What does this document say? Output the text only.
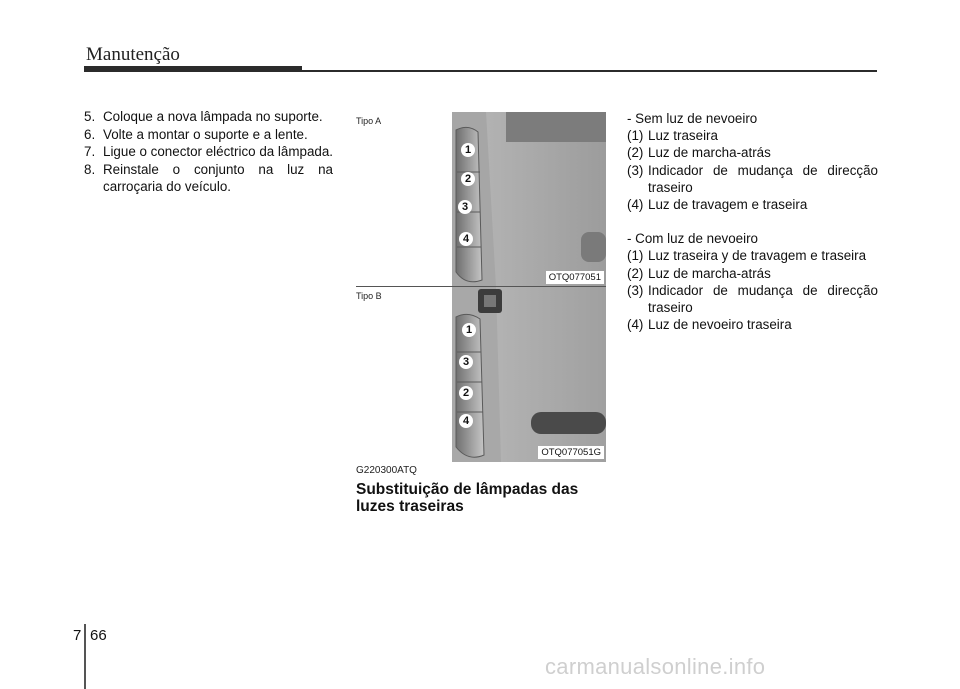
Manutenção
5. Coloque a nova lâmpada no suporte.
6. Volte a montar o suporte e a lente.
7. Ligue o conector eléctrico da lâmpada.
8. Reinstale o conjunto na luz na carroçaria do veículo.
Tipo A
1
2
3
4
OTQ077051
Tipo B
1
3
2
4
OTQ077051G
G220300ATQ
Substituição de lâmpadas das
luzes traseiras
- Sem luz de nevoeiro
(1) Luz traseira
(2) Luz de marcha-atrás
(3) Indicador de mudança de direcção traseiro
(4) Luz de travagem e traseira
- Com luz de nevoeiro
(1) Luz traseira y de travagem e traseira
(2) Luz de marcha-atrás
(3) Indicador de mudança de direcção traseiro
(4) Luz de nevoeiro traseira
7 66
carmanualsonline.info
